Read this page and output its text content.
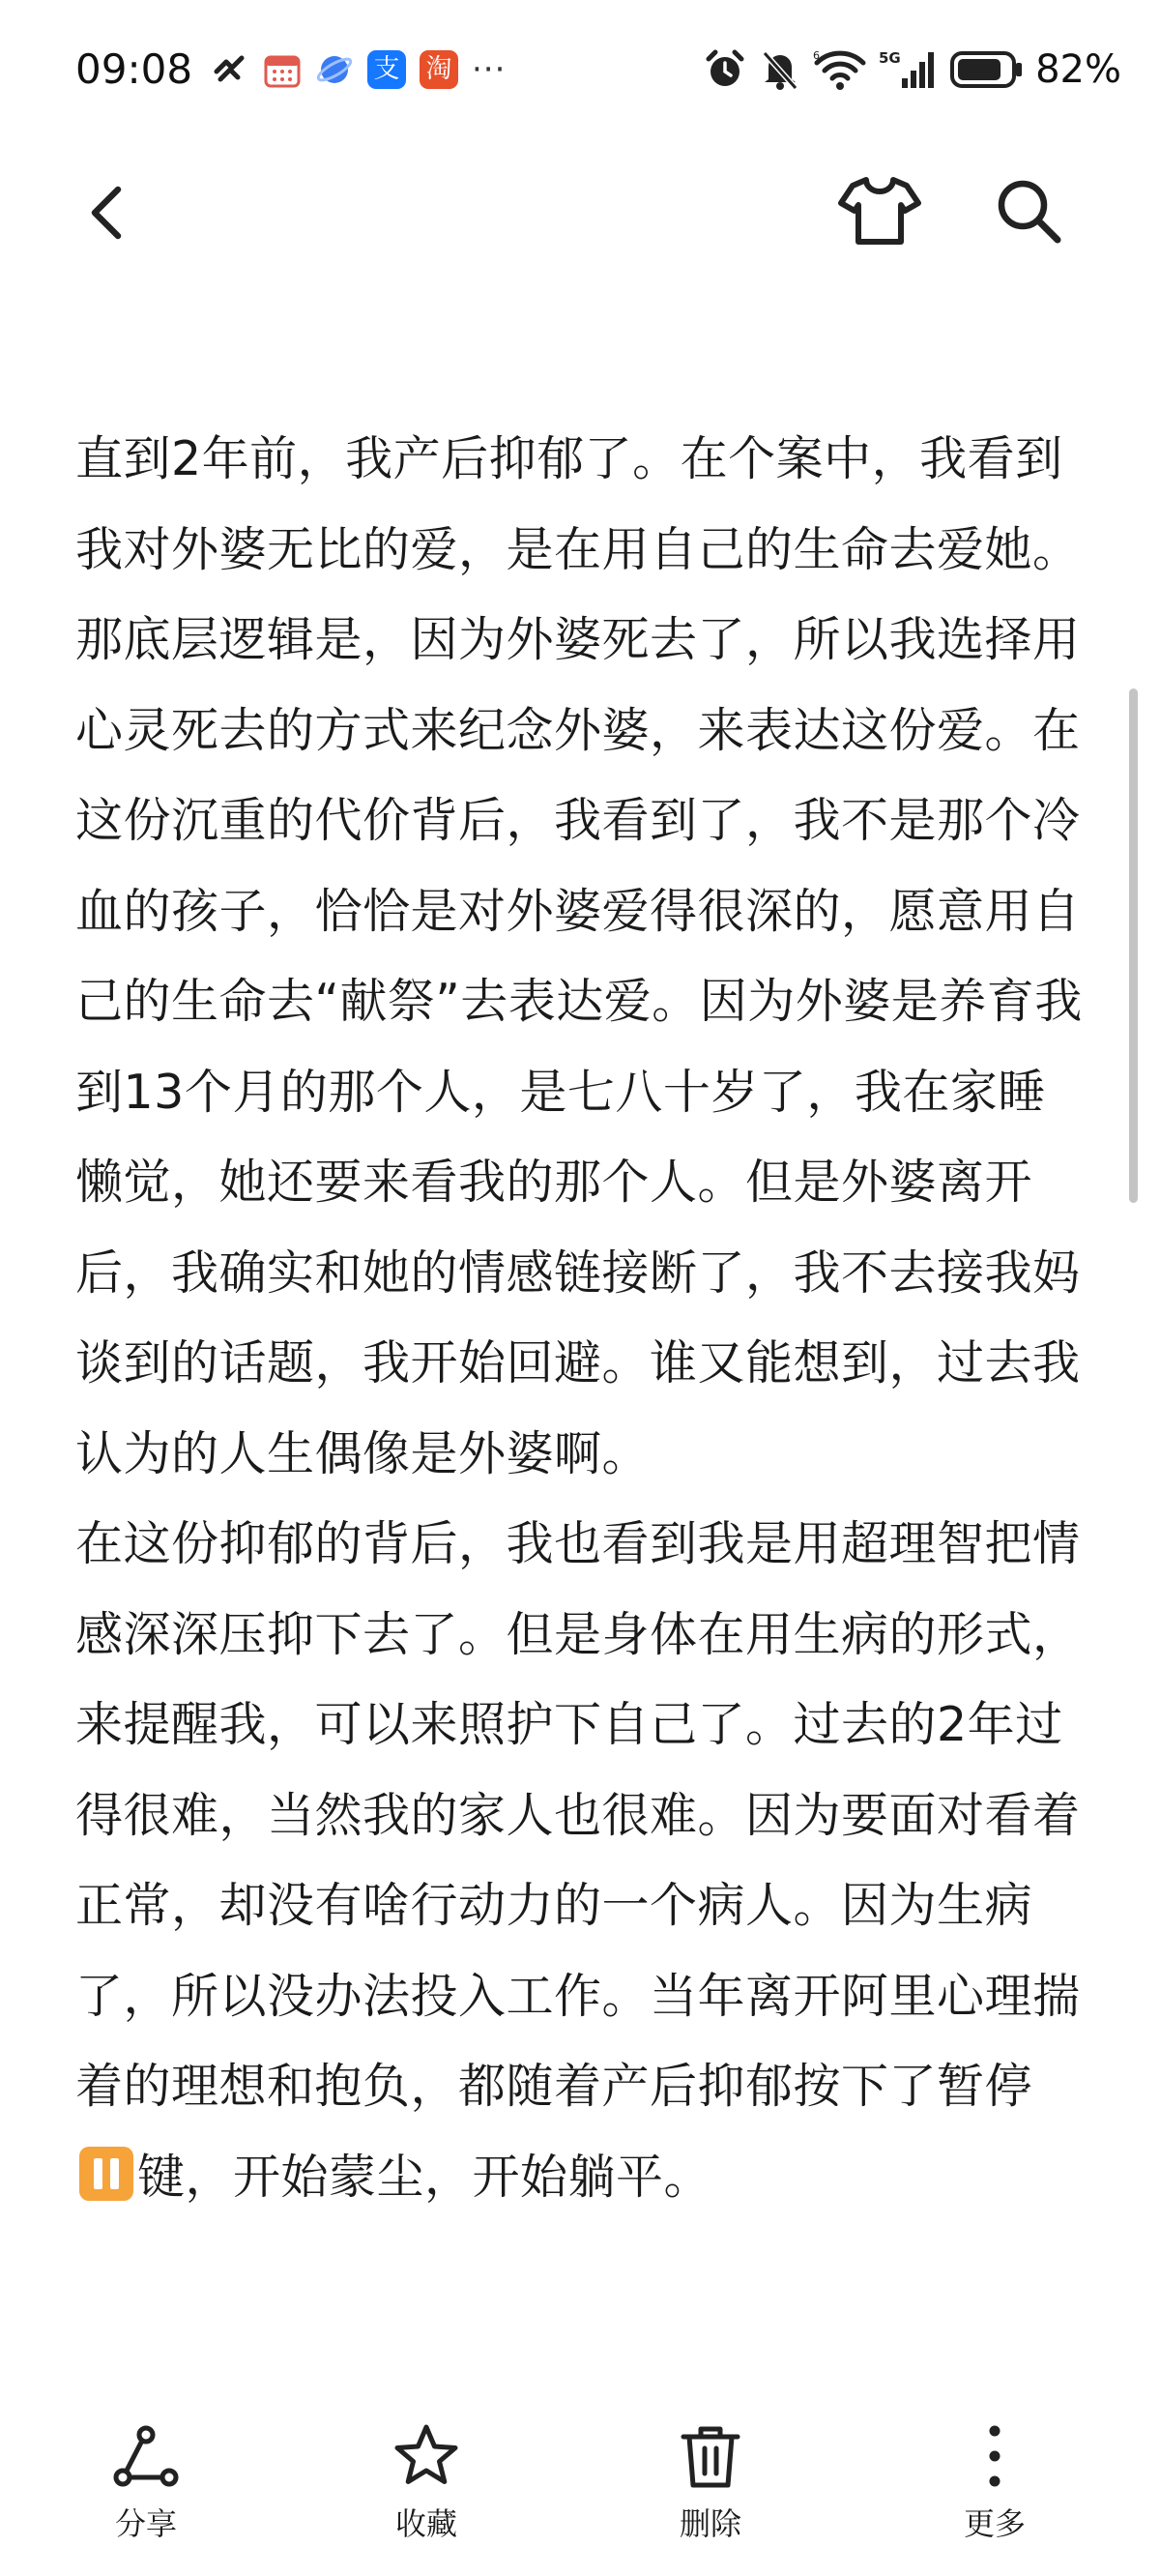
09:08	支 淘 ···	6	5G	82%

直到2年前，我产后抑郁了。在个案中，我看到我对外婆无比的爱，是在用自己的生命去爱她。那底层逻辑是，因为外婆死去了，所以我选择用心灵死去的方式来纪念外婆，来表达这份爱。在这份沉重的代价背后，我看到了，我不是那个冷血的孩子，恰恰是对外婆爱得很深的，愿意用自己的生命去“献祭”去表达爱。因为外婆是养育我到13个月的那个人，是七八十岁了，我在家睡懒觉，她还要来看我的那个人。但是外婆离开后，我确实和她的情感链接断了，我不去接我妈谈到的话题，我开始回避。谁又能想到，过去我认为的人生偶像是外婆啊。

在这份抑郁的背后，我也看到我是用超理智把情感深深压抑下去了。但是身体在用生病的形式，来提醒我，可以来照护下自己了。过去的2年过得很难，当然我的家人也很难。因为要面对看着正常，却没有啥行动力的一个病人。因为生病了，所以没办法投入工作。当年离开阿里心理揣着的理想和抱负，都随着产后抑郁按下了暂停键，开始蒙尘，开始躺平。

分享	收藏	删除	更多
